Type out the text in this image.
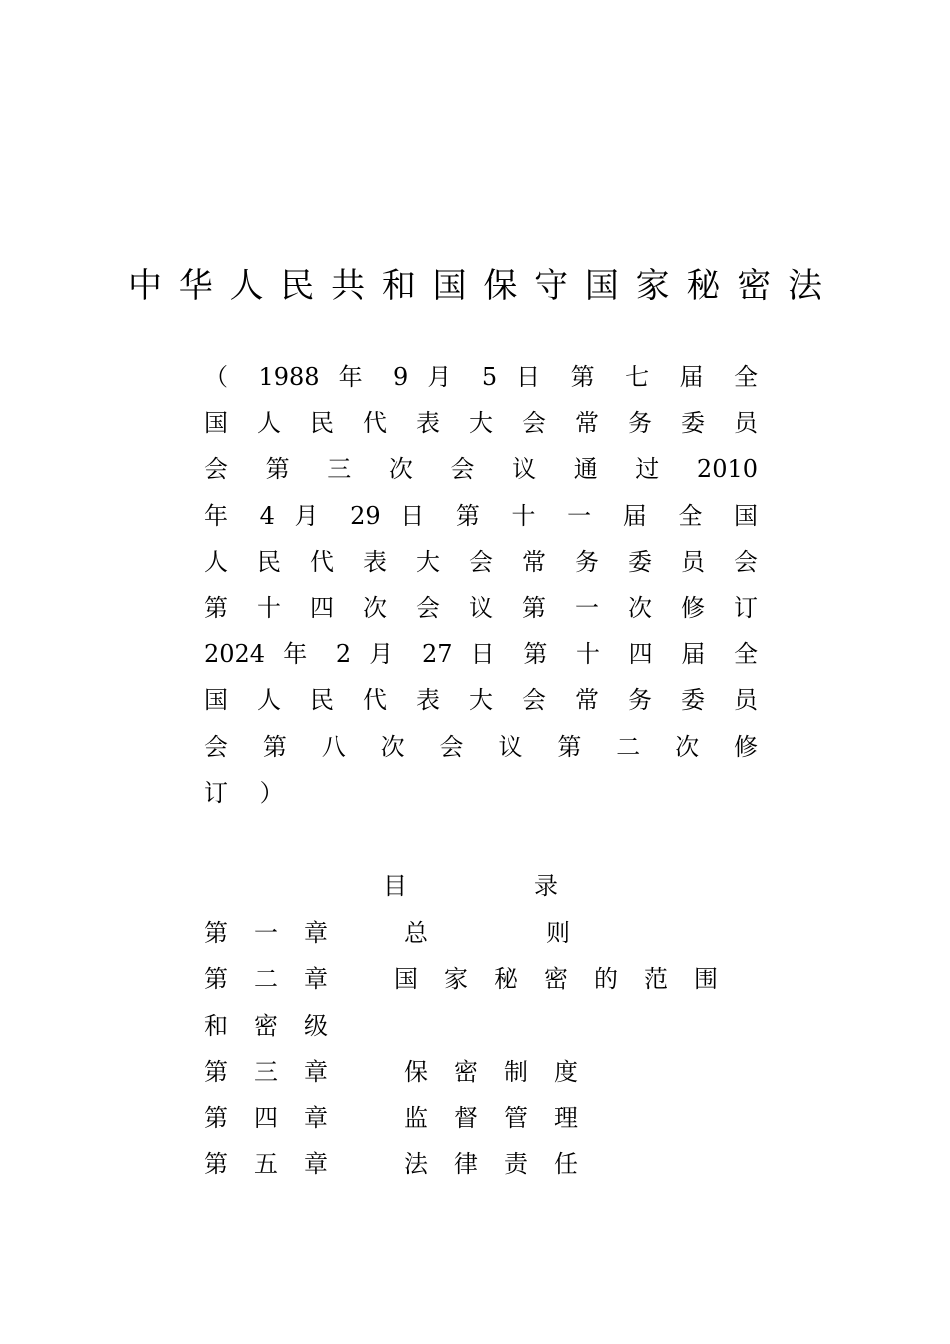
中 华 人 民 共 和 国 保 守 国 家 秘 密 法
（ 1988 年 9 月 5 日 第 七 届 全
国 人 民 代 表 大 会 常 务 委 员
会 第 三 次 会 议 通 过 2010
年 4 月 29 日 第 十 一 届 全 国
人 民 代 表 大 会 常 务 委 员 会
第 十 四 次 会 议 第 一 次 修 订
2024 年 2 月 27 日 第 十 四 届 全
国 人 民 代 表 大 会 常 务 委 员
会 第 八 次 会 议 第 二 次 修
订 ）
目	录
第一章	总则
第二章	国家秘密的范围
和密级
第三章	保密制度
第四章	监督管理
第五章	法律责任
